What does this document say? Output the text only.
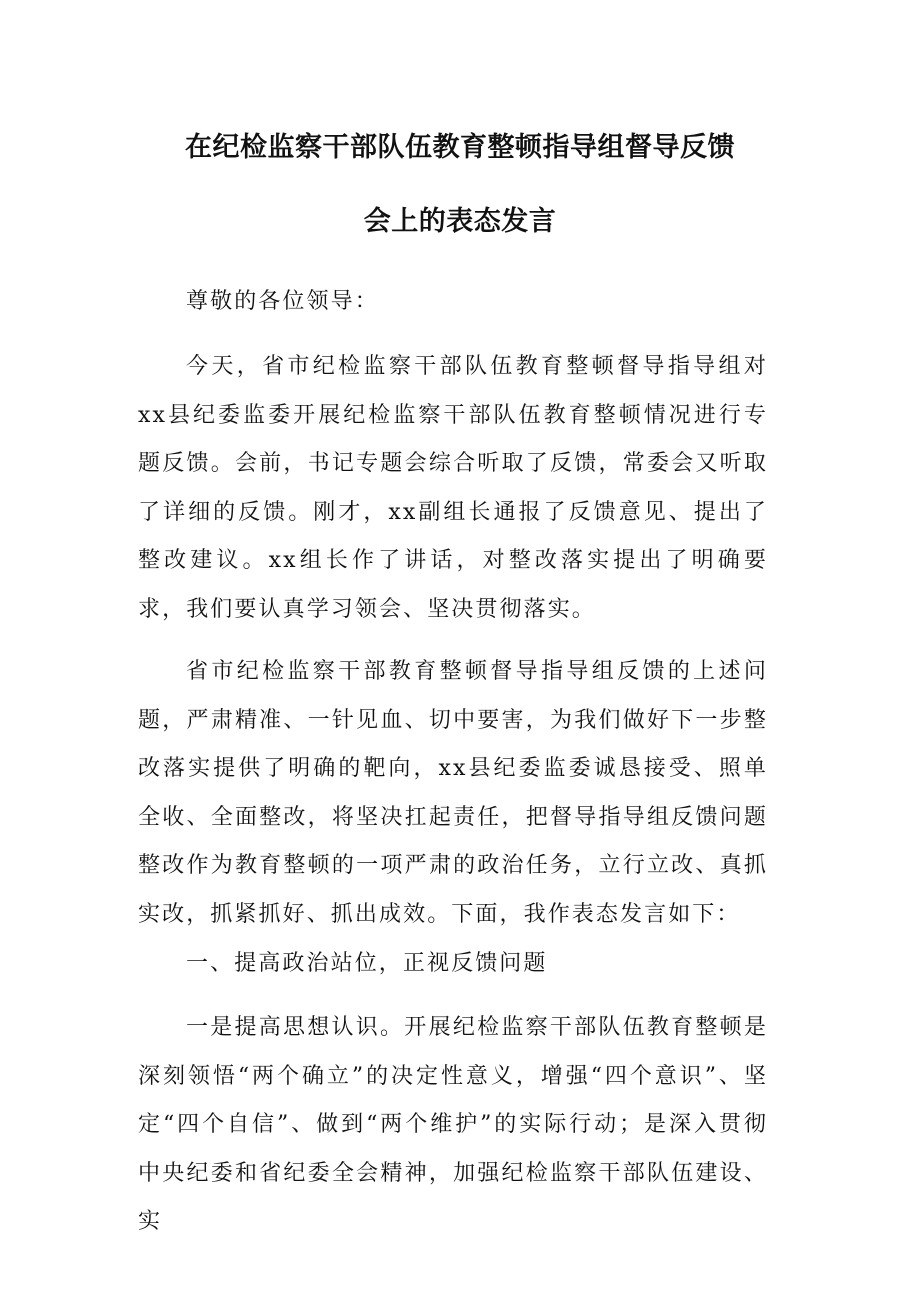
在纪检监察干部队伍教育整顿指导组督导反馈
会上的表态发言
尊敬的各位领导：
今天，省市纪检监察干部队伍教育整顿督导指导组对xx县纪委监委开展纪检监察干部队伍教育整顿情况进行专题反馈。会前，书记专题会综合听取了反馈，常委会又听取了详细的反馈。刚才，xx副组长通报了反馈意见、提出了整改建议。xx组长作了讲话，对整改落实提出了明确要求，我们要认真学习领会、坚决贯彻落实。
省市纪检监察干部教育整顿督导指导组反馈的上述问题，严肃精准、一针见血、切中要害，为我们做好下一步整改落实提供了明确的靶向，xx县纪委监委诚恳接受、照单全收、全面整改，将坚决扛起责任，把督导指导组反馈问题整改作为教育整顿的一项严肃的政治任务，立行立改、真抓实改，抓紧抓好、抓出成效。下面，我作表态发言如下：
一、提高政治站位，正视反馈问题
一是提高思想认识。开展纪检监察干部队伍教育整顿是深刻领悟“两个确立”的决定性意义，增强“四个意识”、坚定“四个自信”、做到“两个维护”的实际行动；是深入贯彻中央纪委和省纪委全会精神，加强纪检监察干部队伍建设、实
